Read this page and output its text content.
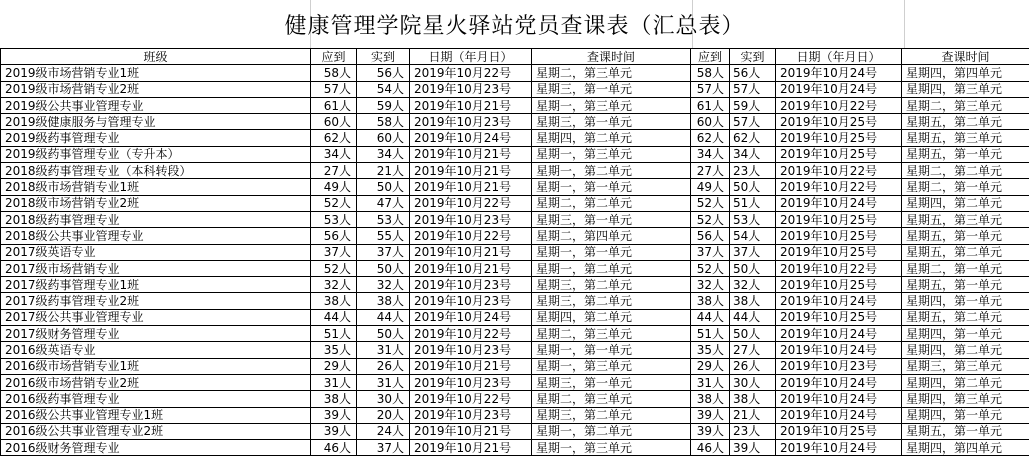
健康管理学院星火驿站党员查课表（汇总表）
班级	应到	实到	日期（年月日）	查课时间	应到	实到	日期（年月日）	查课时间
2019级市场营销专业1班	58人	56人	2019年10月22号	星期二，第三单元	58人	56人	2019年10月24号	星期四，第四单元
2019级市场营销专业2班	57人	54人	2019年10月23号	星期三，第一单元	57人	57人	2019年10月24号	星期四，第三单元
2019级公共事业管理专业	61人	59人	2019年10月21号	星期一，第三单元	61人	59人	2019年10月22号	星期二，第三单元
2019级健康服务与管理专业	60人	58人	2019年10月23号	星期三，第一单元	60人	57人	2019年10月25号	星期五，第二单元
2019级药事管理专业	62人	60人	2019年10月24号	星期四，第二单元	62人	62人	2019年10月25号	星期五，第三单元
2019级药事管理专业（专升本）	34人	34人	2019年10月21号	星期一，第三单元	34人	34人	2019年10月25号	星期五，第一单元
2018级药事管理专业（本科转段）	27人	21人	2019年10月21号	星期一，第二单元	27人	23人	2019年10月22号	星期二，第二单元
2018级市场营销专业1班	49人	50人	2019年10月21号	星期一，第一单元	49人	50人	2019年10月22号	星期二，第一单元
2018级市场营销专业2班	52人	47人	2019年10月22号	星期二，第二单元	52人	51人	2019年10月24号	星期四，第二单元
2018级药事管理专业	53人	53人	2019年10月23号	星期三，第一单元	52人	53人	2019年10月25号	星期五，第三单元
2018级公共事业管理专业	56人	55人	2019年10月22号	星期二，第四单元	56人	54人	2019年10月25号	星期五，第一单元
2017级英语专业	37人	37人	2019年10月21号	星期一，第一单元	37人	37人	2019年10月25号	星期五，第二单元
2017级市场营销专业	52人	50人	2019年10月21号	星期一，第二单元	52人	50人	2019年10月22号	星期二，第一单元
2017级药事管理专业1班	32人	32人	2019年10月23号	星期三，第二单元	32人	32人	2019年10月25号	星期五，第一单元
2017级药事管理专业2班	38人	38人	2019年10月23号	星期三，第二单元	38人	38人	2019年10月24号	星期四，第一单元
2017级公共事业管理专业	44人	44人	2019年10月24号	星期四，第二单元	44人	44人	2019年10月25号	星期五，第二单元
2017级财务管理专业	51人	50人	2019年10月22号	星期二，第三单元	51人	50人	2019年10月24号	星期四，第一单元
2016级英语专业	35人	31人	2019年10月23号	星期一，第一单元	35人	27人	2019年10月24号	星期四，第二单元
2016级市场营销专业1班	29人	26人	2019年10月21号	星期一，第三单元	29人	26人	2019年10月23号	星期三，第三单元
2016级市场营销专业2班	31人	31人	2019年10月23号	星期三，第一单元	31人	30人	2019年10月24号	星期四，第二单元
2016级药事管理专业	38人	30人	2019年10月22号	星期二，第三单元	38人	38人	2019年10月24号	星期四，第三单元
2016级公共事业管理专业1班	39人	20人	2019年10月23号	星期三，第二单元	39人	21人	2019年10月24号	星期四，第一单元
2016级公共事业管理专业2班	39人	24人	2019年10月21号	星期一，第二单元	39人	23人	2019年10月25号	星期五，第一单元
2016级财务管理专业	46人	37人	2019年10月21号	星期一，第三单元	46人	39人	2019年10月24号	星期四，第四单元
